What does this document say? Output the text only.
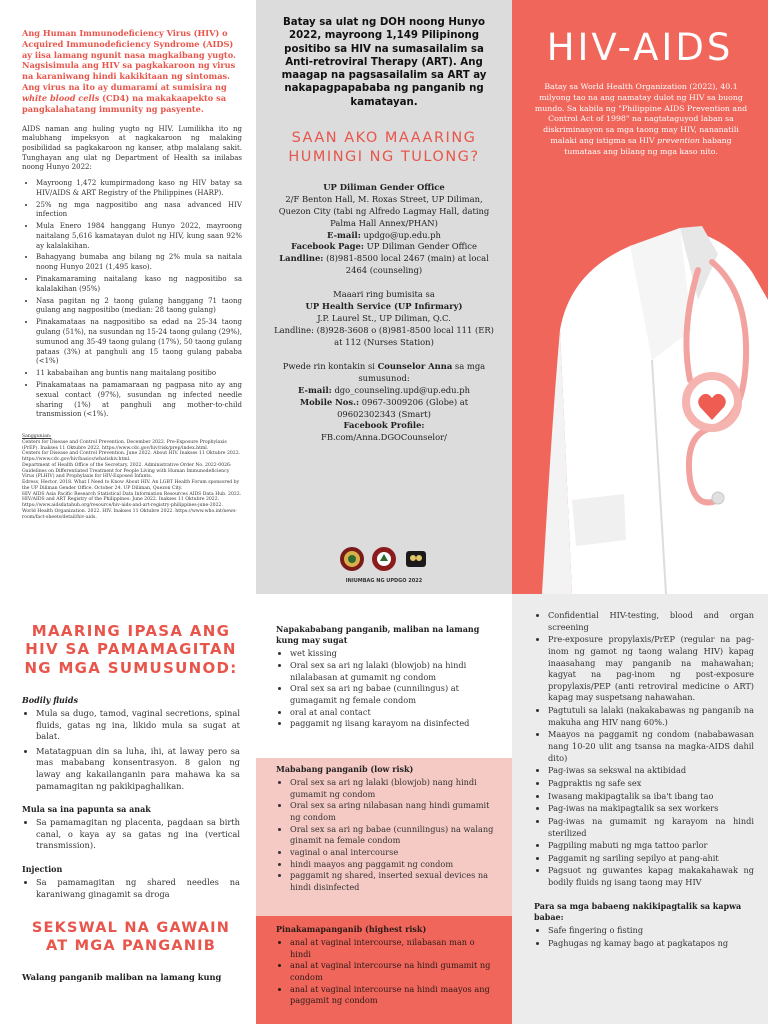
Ang Human Immunodeficiency Virus (HIV) o Acquired Immunodeficiency Syndrome (AIDS) ay iisa lamang ngunit nasa magkaibang yugto. Nagsisimula ang HIV sa pagkakaroon ng virus na karaniwang hindi kakikitaan ng sintomas. Ang virus na ito ay dumaramí at sumisira ng white blood cells (CD4) na makakaapekto sa pangkalahatang immunity ng pasyente.

AIDS naman ang huling yugto ng HIV. Lumilikha ito ng malubhang impeksyon at nagkakaroon ng malaking posibilidad sa pagkakaroon ng kanser, atbp malalang sakit. Tunghayan ang ulat ng Department of Health sa inilabas noong Hunyo 2022:

• Mayroong 1,472 kumpirmadong kaso ng HIV batay sa HIV/AIDS & ART Registry of the Philippines (HARP).
• 25% ng mga nagpositibo ang nasa advanced HIV infection
• Mula Enero 1984 hanggang Hunyo 2022, mayroong naitalang 5,616 kamatayan dulot ng HIV, kung saan 92% ay kalalakihan.
• Bahagyang bumaba ang bilang ng 2% mula sa naitala noong Hunyo 2021 (1,495 kaso).
• Pinakamaraming naitalang kaso ng nagpositibo sa kalalakihan (95%)
• Nasa pagitan ng 2 taong gulang hanggang 71 taong gulang ang nagpositibo (median: 28 taong gulang)
• Pinakamataas na nagpositibo sa edad na 25-34 taong gulang (51%), na susundan ng 15-24 taong gulang (29%), sumunod ang 35-49 taong gulang (17%), 50 taong gulang pataas (3%) at panghuli ang 15 taong gulang pababa (<1%)
• 11 kababaihan ang buntis nang maitalang positibo
• Pinakamataas na pamamaraan ng pagpasa nito ay ang sexual contact (97%), susundan ng infected needle sharing (1%) at panghuli ang mother-to-child transmission (<1%).
Sanggunian:
Centers for Disease and Control Prevention. December 2022. Pre-Exposure Prophylaxis (PrEP). Inakses 11 Oktubre 2022. https://www.cdc.gov/hiv/risk/prep/index.html.
Centers for Disease and Control Prevention. June 2022. About HIV. Inakses 11 Oktubre 2022. https://www.cdc.gov/hiv/basics/whatishiv.html.
Department of Health Office of the Secretary. 2022. Administrative Order No. 2022-0026: Guidelines on Differentiated Treatment for People Living with Human Immunodeficiency Virus (PLHIV) and Prophylaxis for HIV-Exposed Infants.
Edress, Hector. 2018. What I Need to Know About HIV. An LGBT Health Forum sponsored by the UP Diliman Gender Office. October 24. UP Diliman, Quezon City.
HIV AIDS Asia Pacific Research Statistical Data Information Resources AIDS Data Hub. 2022. HIV/AIDS and ART Registry of the Philippines: June 2022. Inakses 11 Oktubre 2022. https://www.aidsdatahub.org/resource/hiv-aids-and-art-registry-philippines-june-2022.
World Health Organization. 2022. HIV. Inakses 11 Oktubre 2022. https://www.who.int/news-room/fact-sheets/detail/hiv-aids.

Batay sa ulat ng DOH noong Hunyo 2022, mayroong 1,149 Pilipinong positibo sa HIV na sumasailalim sa Anti-retroviral Therapy (ART). Ang maagap na pagsasailalim sa ART ay nakapagpapababa ng panganib ng kamatayan.

SAAN AKO MAAARING HUMINGI NG TULONG?
UP Diliman Gender Office
2/F Benton Hall, M. Roxas Street, UP Diliman, Quezon City (tabi ng Alfredo Lagmay Hall, dating Palma Hall Annex/PHAN)
E-mail: updgo@up.edu.ph
Facebook Page: UP Diliman Gender Office
Landline: (8)981-8500 local 2467 (main) at local 2464 (counseling)
Maaari ring bumisita sa
UP Health Service (UP Infirmary)
J.P. Laurel St., UP Diliman, Q.C.
Landline: (8)928-3608 o (8)981-8500 local 111 (ER) at 112 (Nurses Station)
Pwede rin kontakin si Counselor Anna sa mga sumusunod:
E-mail: dgo_counseling.upd@up.edu.ph
Mobile Nos.: 0967-3009206 (Globe) at 09602302343 (Smart)
Facebook Profile:
FB.com/Anna.DGOCounselor/
INIUMBAG NG UPDGO 2022
HIV-AIDS

Batay sa World Health Organization (2022), 40.1 milyong tao na ang namatay dulot ng HIV sa buong mundo. Sa kabila ng "Philippine AIDS Prevention and Control Act of 1998" na nagtataguyod laban sa diskriminasyon sa mga taong may HIV, nananatili malaki ang istigma sa HIV prevention habang tumataas ang bilang ng mga kaso nito.

MAARING IPASA ANG HIV SA PAMAMAGITAN NG MGA SUMUSUNOD:
Bodily fluids
• Mula sa dugo, tamod, vaginal secretions, spinal fluids, gatas ng ina, likido mula sa sugat at balat.
• Matatagpuan din sa luha, ihi, at laway pero sa mas mababang konsentrasyon. 8 galon ng laway ang kakailanganin para mahawa ka sa pamamagitan ng pakikipaghalikan.
Mula sa ina papunta sa anak
• Sa pamamagitan ng placenta, pagdaan sa birth canal, o kaya ay sa gatas ng ina (vertical transmission).
Injection
• Sa pamamagitan ng shared needles na karaniwang ginagamit sa droga
SEKSWAL NA GAWAIN AT MGA PANGANIB
Walang panganib maliban na lamang kung
Napakababang panganib, maliban na lamang kung may sugat
• wet kissing
• Oral sex sa ari ng lalaki (blowjob) na hindi nilalabasan at gumamit ng condom
• Oral sex sa ari ng babae (cunnilingus) at gumagamit ng female condom
• oral at anal contact
• paggamit ng iisang karayom na disinfected
Mababang panganib (low risk)
• Oral sex sa ari ng lalaki (blowjob) nang hindi gumamit ng condom
• Oral sex sa aring nilabasan nang hindi gumamit ng condom
• Oral sex sa ari ng babae (cunnilingus) na walang ginamit na female condom
• vaginal o anal intercourse
• hindi maayos ang paggamit ng condom
• paggamit ng shared, inserted sexual devices na hindi disinfected
Pinakamapanganib (highest risk)
• anal at vaginal intercourse, nilabasan man o hindi
• anal at vaginal intercourse na hindi gumamit ng condom
• anal at vaginal intercourse na hindi maayos ang paggamit ng condom
• Confidential HIV-testing, blood and organ screening
• Pre-exposure propylaxis/PrEP (regular na pag-inom ng gamot ng taong walang HIV) kapag inaasahang may panganib na mahawahan; kagyat na pag-inom ng post-exposure propylaxis/PEP (anti retroviral medicine o ART) kapag may suspetsang nahawahan.
• Pagtutuli sa lalaki (nakakabawas ng panganib na makuha ang HIV nang 60%.)
• Maayos na paggamit ng condom (nababawasan nang 10-20 ulit ang tsansa na magka-AIDS dahil dito)
• Pag-iwas sa sekswal na aktibidad
• Pagpraktis ng safe sex
• Iwasang makipagtalik sa iba't ibang tao
• Pag-iwas na makipagtalik sa sex workers
• Pag-iwas na gumamit ng karayom na hindi sterilized
• Pagpiling mabuti ng mga tattoo parlor
• Paggamit ng sariling sepilyo at pang-ahit
• Pagsuot ng guwantes kapag makakahawak ng bodily fluids ng isang taong may HIV
Para sa mga babaeng nakikipagtalik sa kapwa babae:
• Safe fingering o fisting
• Paghugas ng kamay bago at pagkatapos ng
